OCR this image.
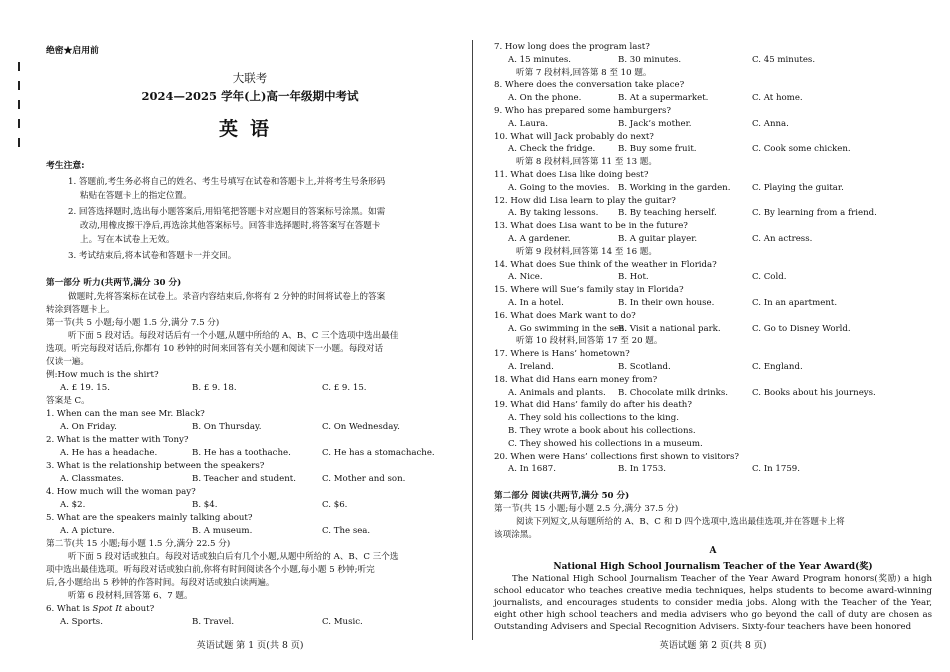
绝密★启用前
大联考
2024—2025 学年(上)高一年级期中考试
英语
考生注意:
1. 答题前,考生务必将自己的姓名、考生号填写在试卷和答题卡上,并将考生号条形码
粘贴在答题卡上的指定位置。
2. 回答选择题时,选出每小题答案后,用铅笔把答题卡对应题目的答案标号涂黑。如需
改动,用橡皮擦干净后,再选涂其他答案标号。回答非选择题时,将答案写在答题卡
上。写在本试卷上无效。
3. 考试结束后,将本试卷和答题卡一并交回。
第一部分 听力(共两节,满分 30 分)
做题时,先将答案标在试卷上。录音内容结束后,你将有 2 分钟的时间将试卷上的答案
转涂到答题卡上。
第一节(共 5 小题;每小题 1.5 分,满分 7.5 分)
听下面 5 段对话。每段对话后有一个小题,从题中所给的 A、B、C 三个选项中选出最佳
选项。听完每段对话后,你都有 10 秒钟的时间来回答有关小题和阅读下一小题。每段对话
仅读一遍。
例:How much is the shirt?
A. £ 19. 15.	B. £ 9. 18.	C. £ 9. 15.
答案是 C。
1. When can the man see Mr. Black?
A. On Friday.	B. On Thursday.	C. On Wednesday.
2. What is the matter with Tony?
A. He has a headache.	B. He has a toothache.	C. He has a stomachache.
3. What is the relationship between the speakers?
A. Classmates.	B. Teacher and student.	C. Mother and son.
4. How much will the woman pay?
A. $2.	B. $4.	C. $6.
5. What are the speakers mainly talking about?
A. A picture.	B. A museum.	C. The sea.
第二节(共 15 小题;每小题 1.5 分,满分 22.5 分)
听下面 5 段对话或独白。每段对话或独白后有几个小题,从题中所给的 A、B、C 三个选
项中选出最佳选项。听每段对话或独白前,你将有时间阅读各个小题,每小题 5 秒钟;听完
后,各小题给出 5 秒钟的作答时间。每段对话或独白读两遍。
听第 6 段材料,回答第 6、7 题。
6. What is Spot It about?
A. Sports.	B. Travel.	C. Music.
英语试题 第 1 页(共 8 页)
7. How long does the program last?
A. 15 minutes.	B. 30 minutes.	C. 45 minutes.
听第 7 段材料,回答第 8 至 10 题。
8. Where does the conversation take place?
A. On the phone.	B. At a supermarket.	C. At home.
9. Who has prepared some hamburgers?
A. Laura.	B. Jack’s mother.	C. Anna.
10. What will Jack probably do next?
A. Check the fridge.	B. Buy some fruit.	C. Cook some chicken.
听第 8 段材料,回答第 11 至 13 题。
11. What does Lisa like doing best?
A. Going to the movies. B. Working in the garden.	C. Playing the guitar.
12. How did Lisa learn to play the guitar?
A. By taking lessons. B. By teaching herself.	C. By learning from a friend.
13. What does Lisa want to be in the future?
A. A gardener.	B. A guitar player.	C. An actress.
听第 9 段材料,回答第 14 至 16 题。
14. What does Sue think of the weather in Florida?
A. Nice.	B. Hot.	C. Cold.
15. Where will Sue’s family stay in Florida?
A. In a hotel.	B. In their own house.	C. In an apartment.
16. What does Mark want to do?
A. Go swimming in the sea.
B. Visit a national park.	C. Go to Disney World.
听第 10 段材料,回答第 17 至 20 题。
17. Where is Hans’ hometown?
A. Ireland.	B. Scotland.	C. England.
18. What did Hans earn money from?
A. Animals and plants. B. Chocolate milk drinks.	C. Books about his journeys.
19. What did Hans’ family do after his death?
A. They sold his collections to the king.
B. They wrote a book about his collections.
C. They showed his collections in a museum.
20. When were Hans’ collections first shown to visitors?
A. In 1687.	B. In 1753.	C. In 1759.
第二部分 阅读(共两节,满分 50 分)
第一节(共 15 小题;每小题 2.5 分,满分 37.5 分)
阅读下列短文,从每题所给的 A、B、C 和 D 四个选项中,选出最佳选项,并在答题卡上将
该项涂黑。
A
National High School Journalism Teacher of the Year Award(奖)
The National High School Journalism Teacher of the Year Award Program honors(奖励) a high school educator who teaches creative media techniques, helps students to become award-winning journalists, and encourages students to consider media jobs. Along with the Teacher of the Year, eight other high school teachers and media advisers who go beyond the call of duty are chosen as Outstanding Advisers and Special Recognition Advisers. Sixty-four teachers have been honored
英语试题 第 2 页(共 8 页)
